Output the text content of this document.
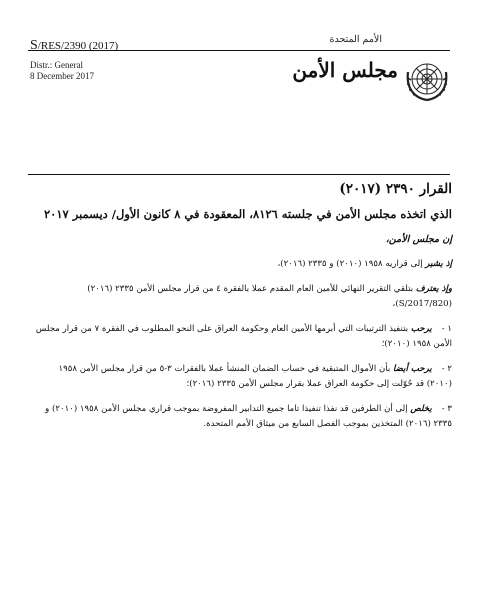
S/RES/2390 (2017)
الأمم المتحدة
Distr.: General
8 December 2017	مجلس الأمن
القرار ٢٣٩٠ (٢٠١٧)
الذي اتخذه مجلس الأمن في جلسته ٨١٢٦، المعقودة في ٨ كانون الأول/ ديسمبر ٢٠١٧
إن مجلس الأمن،

إذ يشير إلى قراريه ١٩٥٨ (٢٠١٠) و ٢٣٣٥ (٢٠١٦)،

وإذ يعترف بتلقي التقرير النهائي للأمين العام المقدم عملا بالفقرة ٤ من قرار مجلس الأمن ٢٣٣٥ (٢٠١٦) (S/2017/820)،

١ -يرحب بتنفيذ الترتيبات التي أبرمها الأمين العام وحكومة العراق على النحو المطلوب في الفقرة ٧ من قرار مجلس الأمن ١٩٥٨ (٢٠١٠)؛

٢ -يرحب أيضا بأن الأموال المتبقية في حساب الضمان المنشأ عملا بالفقرات ٣-٥ من قرار مجلس الأمن ١٩٥٨ (٢٠١٠) قد حُوّلت إلى حكومة العراق عملا بقرار مجلس الأمن ٢٣٣٥ (٢٠١٦)؛

٣ -يخلص إلى أن الطرفين قد نفذا تنفيذا تاما جميع التدابير المفروضة بموجب قراري مجلس الأمن ١٩٥٨ (٢٠١٠) و ٢٣٣٥ (٢٠١٦) المتخذين بموجب الفصل السابع من ميثاق الأمم المتحدة.
